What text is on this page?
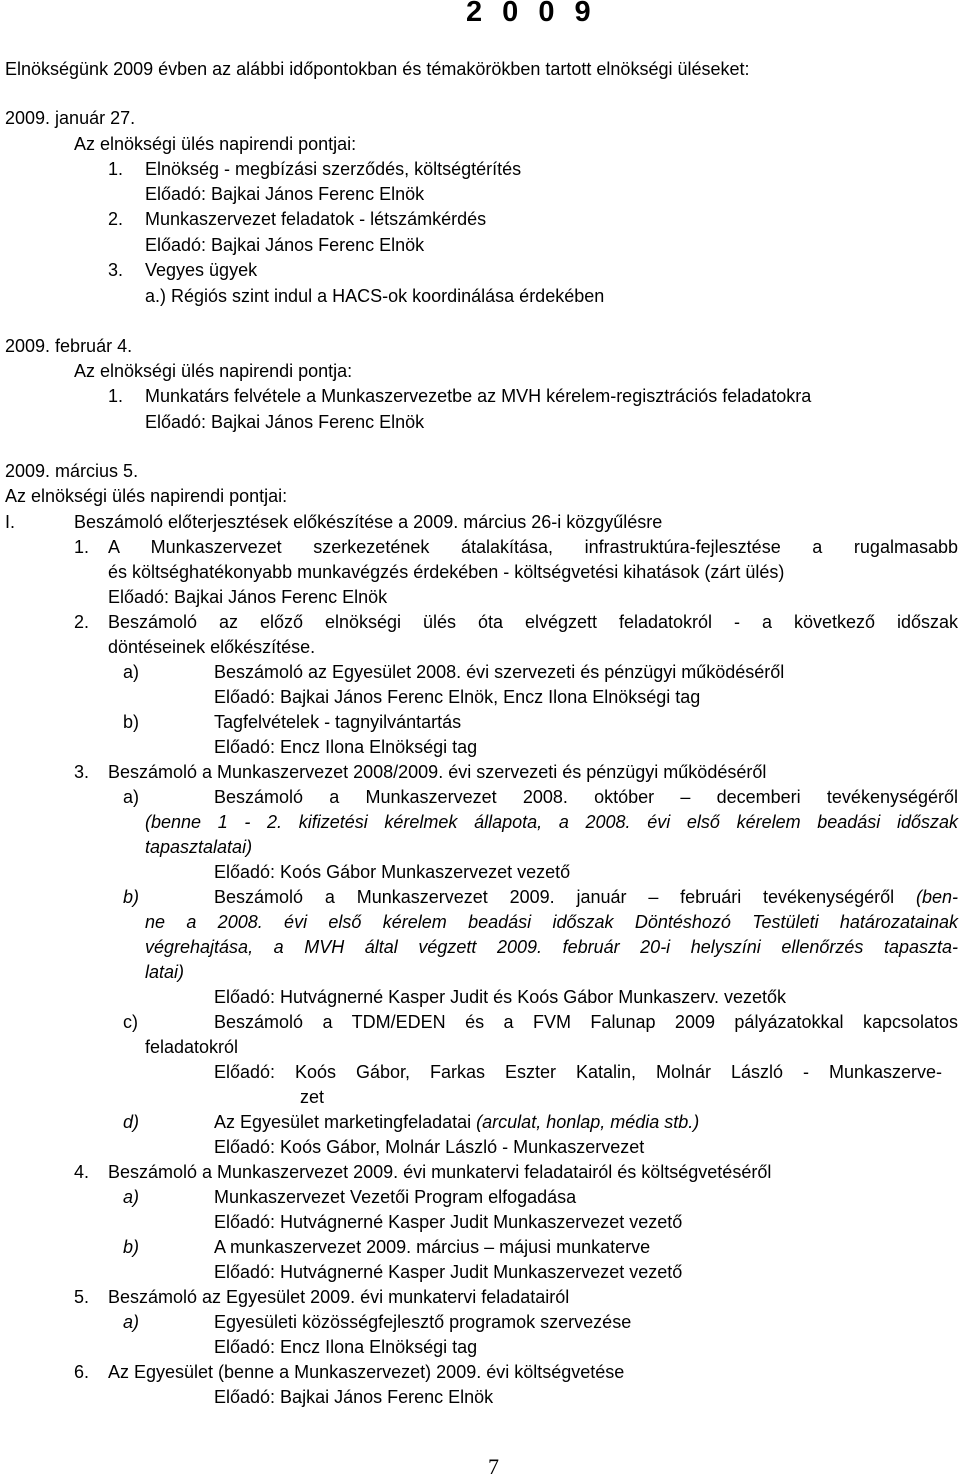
2 0 0 9
Elnökségünk 2009 évben az alábbi időpontokban és témakörökben tartott elnökségi üléseket:
2009. január 27.
Az elnökségi ülés napirendi pontjai:
1. Elnökség - megbízási szerződés, költségtérítés
Előadó: Bajkai János Ferenc Elnök
2. Munkaszervezet feladatok - létszámkérdés
Előadó: Bajkai János Ferenc Elnök
3. Vegyes ügyek
a.) Régiós szint indul a HACS-ok koordinálása érdekében
2009. február 4.
Az elnökségi ülés napirendi pontja:
1. Munkatárs felvétele a Munkaszervezetbe az MVH kérelem-regisztrációs feladatokra
Előadó: Bajkai János Ferenc Elnök
2009. március 5.
Az elnökségi ülés napirendi pontjai:
I.	Beszámoló előterjesztések előkészítése a 2009. március 26-i közgyűlésre
1. A Munkaszervezet szerkezetének átalakítása, infrastruktúra-fejlesztése a rugalmasabb
és költséghatékonyabb munkavégzés érdekében - költségvetési kihatások (zárt ülés)
Előadó: Bajkai János Ferenc Elnök
2. Beszámoló az előző elnökségi ülés óta elvégzett feladatokról - a következő időszak
döntéseinek előkészítése.
a)	Beszámoló az Egyesület 2008. évi szervezeti és pénzügyi működéséről
Előadó: Bajkai János Ferenc Elnök, Encz Ilona Elnökségi tag
b)	Tagfelvételek - tagnyilvántartás
Előadó: Encz Ilona Elnökségi tag
3. Beszámoló a Munkaszervezet 2008/2009. évi szervezeti és pénzügyi működéséről
a)	Beszámoló a Munkaszervezet 2008. október – decemberi tevékenységéről
(benne 1 - 2. kifizetési kérelmek állapota, a 2008. évi első kérelem beadási időszak
tapasztalatai)
Előadó: Koós Gábor Munkaszervezet vezető
b)	Beszámoló a Munkaszervezet 2009. január – februári tevékenységéről (ben-
ne a 2008. évi első kérelem beadási időszak Döntéshozó Testületi határozatainak
végrehajtása, a MVH által végzett 2009. február 20-i helyszíni ellenőrzés tapaszta-
latai)
Előadó: Hutvágnerné Kasper Judit és Koós Gábor Munkaszerv. vezetők
c)	Beszámoló a TDM/EDEN és a FVM Falunap 2009 pályázatokkal kapcsolatos
feladatokról
Előadó: Koós Gábor, Farkas Eszter Katalin, Molnár László - Munkaszerve-
zet
d)	Az Egyesület marketingfeladatai (arculat, honlap, média stb.)
Előadó: Koós Gábor, Molnár László - Munkaszervezet
4. Beszámoló a Munkaszervezet 2009. évi munkatervi feladatairól és költségvetéséről
a)	Munkaszervezet Vezetői Program elfogadása
Előadó: Hutvágnerné Kasper Judit Munkaszervezet vezető
b)	A munkaszervezet 2009. március – májusi munkaterve
Előadó: Hutvágnerné Kasper Judit Munkaszervezet vezető
5. Beszámoló az Egyesület 2009. évi munkatervi feladatairól
a)	Egyesületi közösségfejlesztő programok szervezése
Előadó: Encz Ilona Elnökségi tag
6. Az Egyesület (benne a Munkaszervezet) 2009. évi költségvetése
Előadó: Bajkai János Ferenc Elnök
7
